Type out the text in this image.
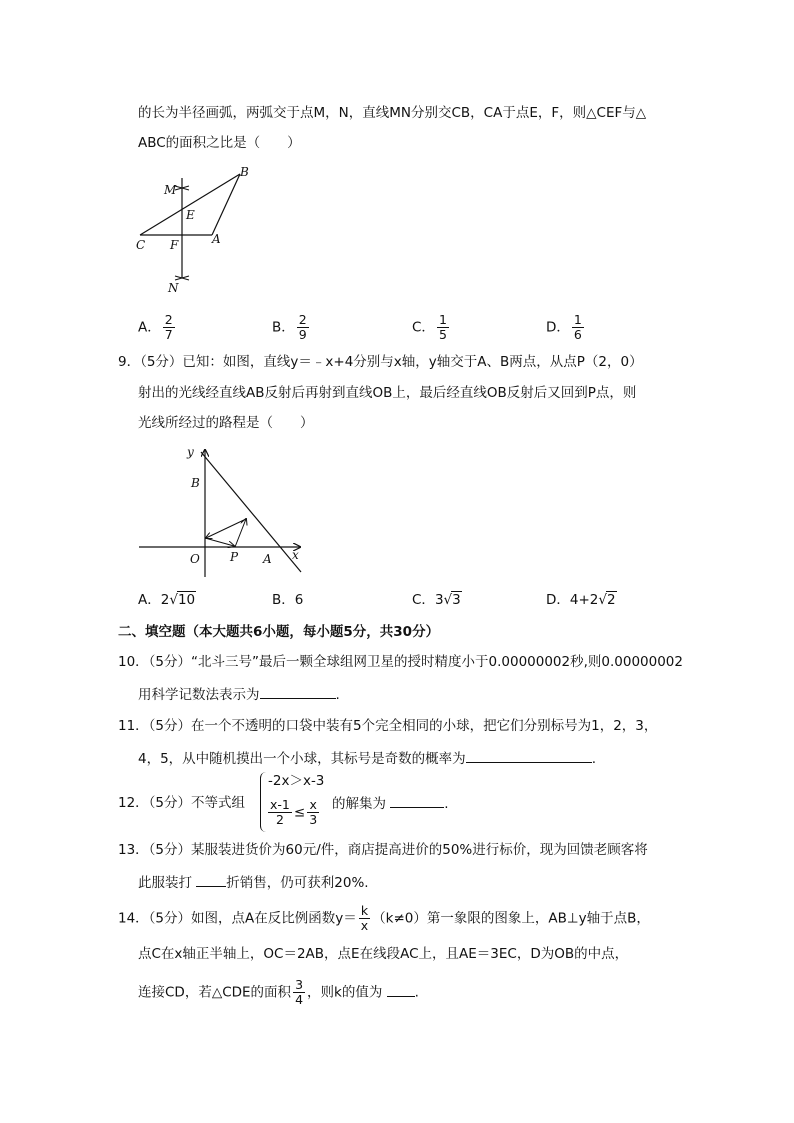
的长为半径画弧，两弧交于点M，N，直线MN分别交CB，CA于点E，F，则△CEF与△
ABC的面积之比是（　　）
M
B
E
C F	A
N
A． $\frac{2}{7}$	B． $\frac{2}{9}$	C． $\frac{1}{5}$	D． $\frac{1}{6}$
9．（5分）已知：如图，直线y＝﹣x+4分别与x轴，y轴交于A、B两点，从点P（2，0）
射出的光线经直线AB反射后再射到直线OB上，最后经直线OB反射后又回到P点，则
光线所经过的路程是（　　）
y
B
O	P A x
A．2√10	B．6	C．3√3	D．4+2√2
二、填空题（本大题共6小题，每小题5分，共30分）
10．（5分）“北斗三号”最后一颗全球组网卫星的授时精度小于0.00000002秒,则0.00000002
用科学记数法表示为	.
11．（5分）在一个不透明的口袋中装有5个完全相同的小球，把它们分别标号为1，2，3，
4，5，从中随机摸出一个小球，其标号是奇数的概率为	.
12．（5分）不等式组
-2x＞x-3
$\frac{x-1}{2} \le \frac{x}{3}$ 的解集为	.
13．（5分）某服装进货价为60元/件，商店提高进价的50%进行标价，现为回馈老顾客将
此服装打	折销售，仍可获利20%.
14．（5分）如图，点A在反比例函数$y= \frac{k}{x} (k\ne 0)$第一象限的图象上，AB⊥y轴于点B，
点C在x轴正半轴上，OC＝2AB，点E在线段AC上，且AE＝3EC，D为OB的中点，
连接CD，若△CDE的面积 $\frac{3}{4}$ ，则k的值为 .
